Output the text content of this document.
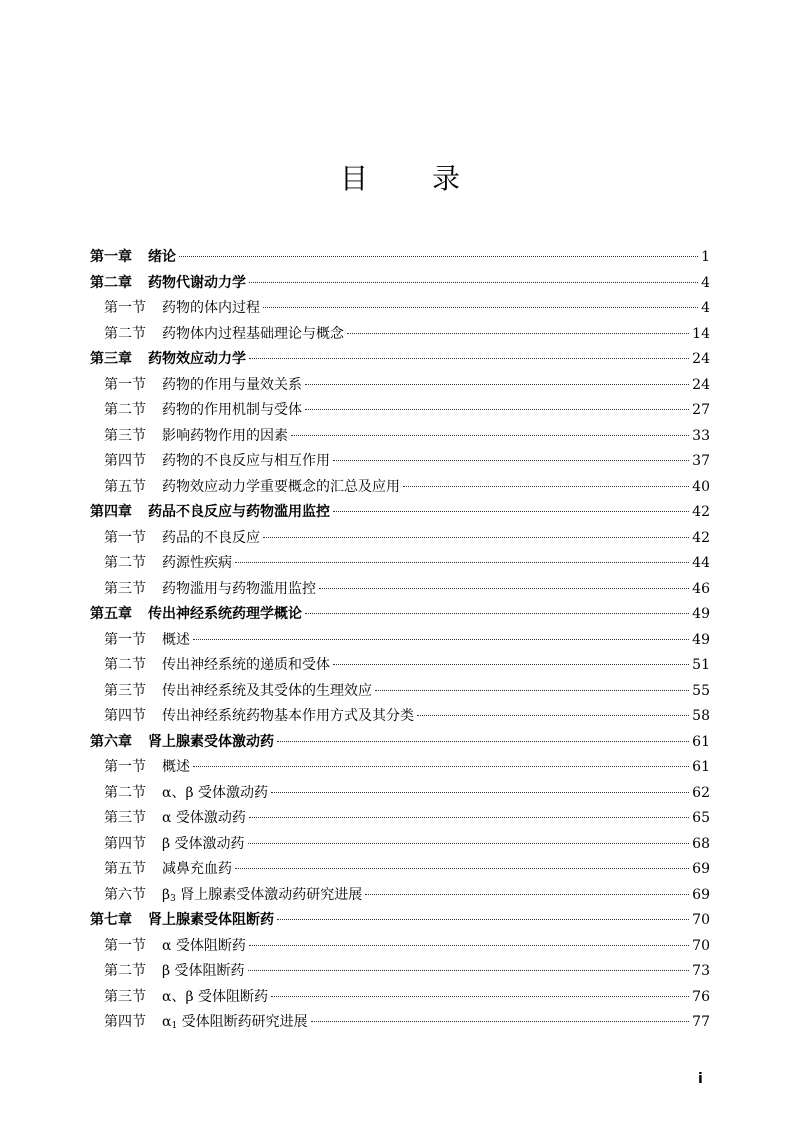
目 录
第一章	绪论	1
第二章	药物代谢动力学	4
第一节	药物的体内过程	4
第二节	药物体内过程基础理论与概念	14
第三章	药物效应动力学	24
第一节	药物的作用与量效关系	24
第二节	药物的作用机制与受体	27
第三节	影响药物作用的因素	33
第四节	药物的不良反应与相互作用	37
第五节	药物效应动力学重要概念的汇总及应用	40
第四章	药品不良反应与药物滥用监控	42
第一节	药品的不良反应	42
第二节	药源性疾病	44
第三节	药物滥用与药物滥用监控	46
第五章	传出神经系统药理学概论	49
第一节	概述	49
第二节	传出神经系统的递质和受体	51
第三节	传出神经系统及其受体的生理效应	55
第四节	传出神经系统药物基本作用方式及其分类	58
第六章	肾上腺素受体激动药	61
第一节	概述	61
第二节	α、β 受体激动药	62
第三节	α 受体激动药	65
第四节	β 受体激动药	68
第五节	减鼻充血药	69
第六节	$\beta_3$ 肾上腺素受体激动药研究进展	69
第七章	肾上腺素受体阻断药	70
第一节	α 受体阻断药	70
第二节	β 受体阻断药	73
第三节	α、β 受体阻断药	76
第四节	$\alpha_1$ 受体阻断药研究进展	77
i
